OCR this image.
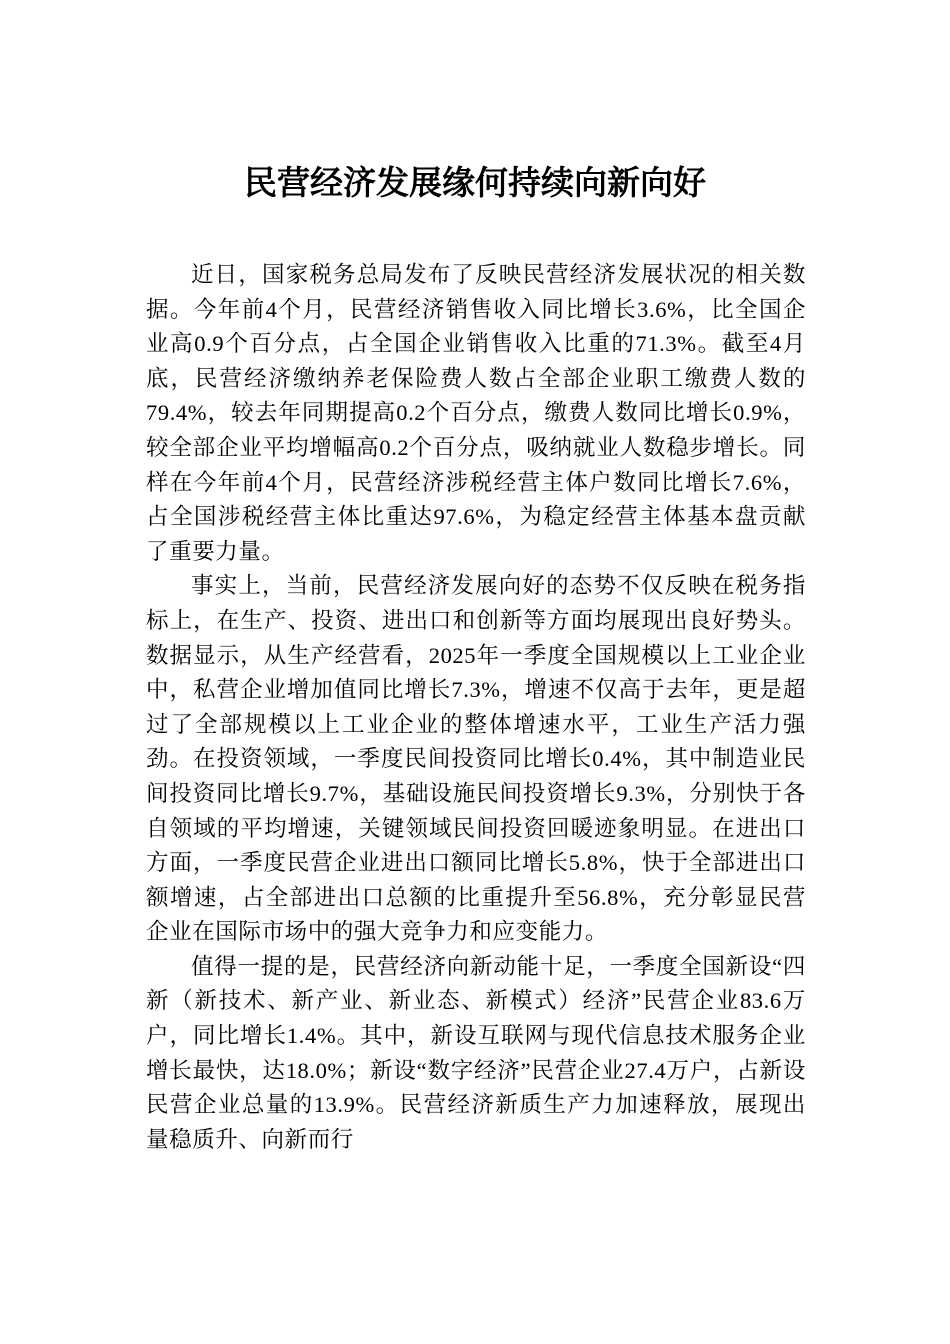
民营经济发展缘何持续向新向好

近日，国家税务总局发布了反映民营经济发展状况的相关数据。今年前4个月，民营经济销售收入同比增长3.6%，比全国企业高0.9个百分点，占全国企业销售收入比重的71.3%。截至4月底，民营经济缴纳养老保险费人数占全部企业职工缴费人数的79.4%，较去年同期提高0.2个百分点，缴费人数同比增长0.9%，较全部企业平均增幅高0.2个百分点，吸纳就业人数稳步增长。同样在今年前4个月，民营经济涉税经营主体户数同比增长7.6%，占全国涉税经营主体比重达97.6%，为稳定经营主体基本盘贡献了重要力量。

事实上，当前，民营经济发展向好的态势不仅反映在税务指标上，在生产、投资、进出口和创新等方面均展现出良好势头。数据显示，从生产经营看，2025年一季度全国规模以上工业企业中，私营企业增加值同比增长7.3%，增速不仅高于去年，更是超过了全部规模以上工业企业的整体增速水平，工业生产活力强劲。在投资领域，一季度民间投资同比增长0.4%，其中制造业民间投资同比增长9.7%，基础设施民间投资增长9.3%，分别快于各自领域的平均增速，关键领域民间投资回暖迹象明显。在进出口方面，一季度民营企业进出口额同比增长5.8%，快于全部进出口额增速，占全部进出口总额的比重提升至56.8%，充分彰显民营企业在国际市场中的强大竞争力和应变能力。

值得一提的是，民营经济向新动能十足，一季度全国新设“四新（新技术、新产业、新业态、新模式）经济”民营企业83.6万户，同比增长1.4%。其中，新设互联网与现代信息技术服务企业增长最快，达18.0%；新设“数字经济”民营企业27.4万户，占新设民营企业总量的13.9%。民营经济新质生产力加速释放，展现出量稳质升、向新而行
